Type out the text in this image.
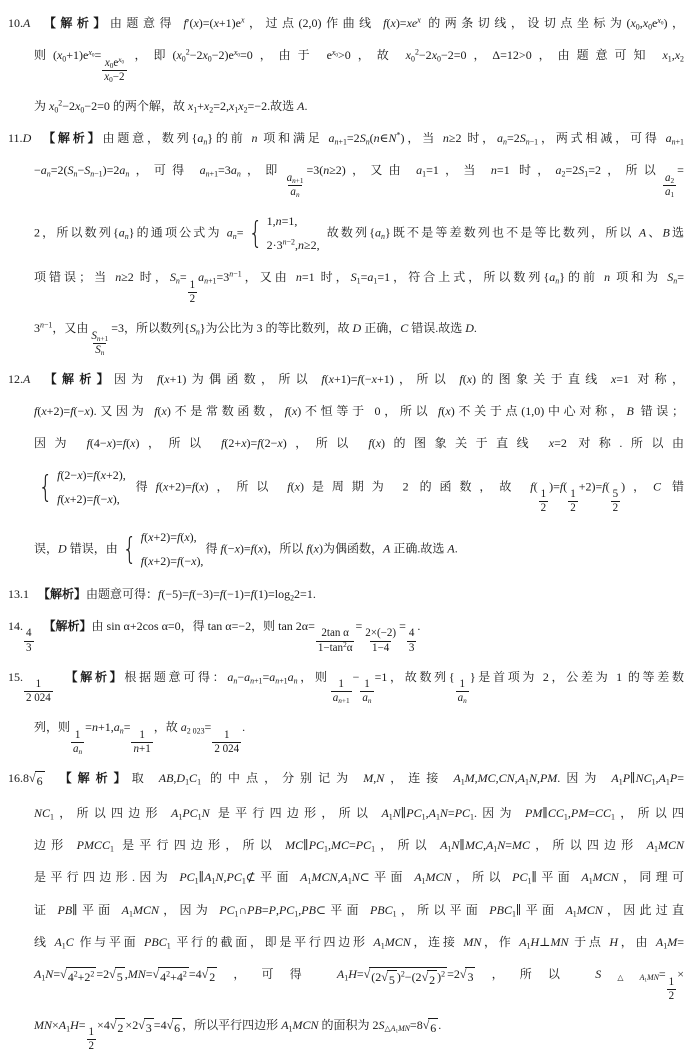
10.A 【解析】由题意得 $f'(x)=(x+1)e^x$，过点(2,0)作曲线 $f(x)=xe^x$ 的两条切线，设切点坐标为$(x_0,x_0e^{x_0})$，
则$(x_0+1)e^{x_0}=$
$\frac{x_0e^{x_0}}{x_0-2}$
，即$(x_0^2-2x_0-2)e^{x_0}=0$，由于 $e^{x_0}>0$，故 $x_0^2-2x_0-2=0$，Δ=12>0，由题意可知 $x_1,x_2$
为 $x_0^2-2x_0-2=0$ 的两个解，故 $x_1+x_2=2,x_1x_2=-2$.故选 A.
11.D 【解析】由题意，数列$\{a_n\}$的前 n 项和满足 $a_{n+1}=2S_n(n\in N^*)$，当 n≥2 时，$a_n=2S_{n-1}$，两式相减，可得 $a_{n+1}$
$-a_n=2(S_n-S_{n-1})=2a_n$，可得 $a_{n+1}=3a_n$，即
$\frac{a_{n+1}}{a_n}$
=3(n≥2)，又由 $a_1=1$，当 n=1 时，$a_2=2S_1=2$，所以
$\frac{a_2}{a_1}$
=
2，所以数列$\{a_n\}$的通项公式为 $a_n=$ { 1,n=1,
$2\cdot 3^{n-2},n\ge 2$,
故数列$\{a_n\}$既不是等差数列也不是等比数列，所以 A、B选
项错误；当 n≥2 时，$S_n=$
$\frac{1}{2}$
$a_{n+1}=3^{n-1}$，又由 n=1 时，$S_1=a_1=1$，符合上式，所以数列$\{a_n\}$的前 n 项和为 $S_n=$
$3^{n-1}$，又由
$\frac{S_{n+1}}{S_n}$
=3，所以数列$\{S_n\}$为公比为 3 的等比数列，故 D 正确，C 错误.故选 D.
12.A 【解析】因为 f(x+1)为偶函数，所以 f(x+1)=f(−x+1)，所以 f(x)的图象关于直线 x=1 对称，
f(x+2)=f(−x).又因为 f(x)不是常数函数，f(x)不恒等于 0，所以 f(x)不关于点(1,0)中心对称，B 错误；
因为 f(4−x)=f(x)，所以 f(2+x)=f(2−x)，所以 f(x)的图象关于直线 x=2 对称.所以由
{ f(2−x)=f(x+2),
f(x+2)=f(−x),
得f(x+2)=f(x)，所以 f(x)是周期为 2 的函数，故 f(
$\frac{1}{2}$
)=f(
$\frac{1}{2}$
+2)=f(
$\frac{5}{2}$
)，C 错
误，D 错误，由 { f(x+2)=f(x),
f(x+2)=f(−x),
得 f(−x)=f(x)，所以 f(x)为偶函数，A 正确.故选 A.
13.1 【解析】由题意可得：$f(-5)=f(-3)=f(-1)=f(1)=\log_22=1$.
14.
$\frac{4}{3}$
【解析】由 sin α+2cos α=0，得 tan α=−2，则 tan 2α=
$\frac{\text{2tan α}}{1-\tan^2\alpha}$
=
$\frac{2\times(-2)}{1-4}$
=
$\frac{4}{3}$
.
15.
$\frac{1}{2 024}$
【解析】根据题意可得：$a_n-a_{n+1}=a_{n+1}a_n$，则
$\frac{1}{a_{n+1}}$
−
$\frac{1}{a_n}$
=1，故数列{
$\frac{1}{a_n}$
}是首项为 2，公差为 1 的等差数
列，则
$\frac{1}{a_n}$
$=n+1,a_n=$
$\frac{1}{n+1}$
，故 $a_{2 023}=$
$\frac{1}{2 024}$
.
16.8 √ 6 【解析】取 $AB,D_1C_1$ 的中点，分别记为 M,N，连接 $A_1M,MC,CN,A_1N,PM$.因为 $A_1P\parallel NC_1,A_1P=$
$NC_1$，所以四边形 $A_1PC_1N$ 是平行四边形，所以 $A_1N\parallel PC_1,A_1N=PC_1$.因为 $PM\parallel CC_1,PM=CC_1$，所以四
边形 $PMCC_1$ 是平行四边形，所以 $MC\parallel PC_1,MC=PC_1$，所以 $A_1N\parallel MC,A_1N=MC$，所以四边形 $A_1MCN$
是平行四边形.因为 $PC_1\parallel A_1N,PC_1⊄$平面 $A_1MCN,A_1N\subset$平面 $A_1MCN$，所以 $PC_1\parallel$平面 $A_1MCN$，同理可
证 PB∥平面 $A_1MCN$，因为 $PC_1\cap PB=P,PC_1,PB\subset$平面 $PBC_1$，所以平面 $PBC_1\parallel$平面 $A_1MCN$，因此过直
线 $A_1C$ 作与平面 $PBC_1$ 平行的截面，即是平行四边形 $A_1MCN$，连接 MN，作 $A_1H\perp MN$ 于点 H，由 $A_1M=$
$A_1N=$ √ $4^2+2^2 =2$ √ 5 ,MN= √ $4^2+4^2 =4$ √ 2 ，可得 $A_1H=$ √ (2 √ 5 )$^2$−(2 √ 2 )$^2$ =2 √ 3 ，所以 $S_{\triangle A_1MN}=$
$\frac{1}{2}$
×
$MN\times A_1H=$
$\frac{1}{2}$
×4 √ 2 ×2 √ 3 =4 √ 6 ，所以平行四边形 $A_1MCN$ 的面积为 $2S_{\triangle A_1MN}=8$ √ 6 .
